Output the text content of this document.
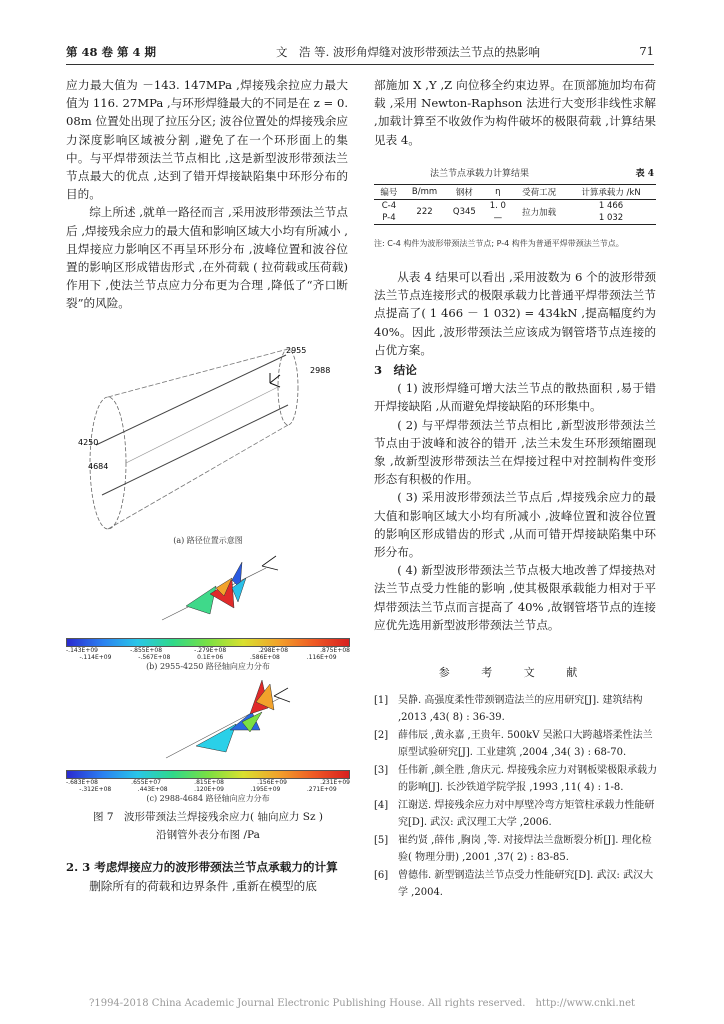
第 48 卷 第 4 期	文　浩 等. 波形角焊缝对波形带颈法兰节点的热影响	71

应力最大值为 －143. 147MPa ,焊接残余拉应力最大值为 116. 27MPa ,与环形焊缝最大的不同是在 z = 0. 08m 位置处出现了拉压分区; 波谷位置处的焊接残余应力深度影响区域被分割 ,避免了在一个环形面上的集中。与平焊带颈法兰节点相比 ,这是新型波形带颈法兰节点最大的优点 ,达到了错开焊接缺陷集中环形分布的目的。

综上所述 ,就单一路径而言 ,采用波形带颈法兰节点后 ,焊接残余应力的最大值和影响区域大小均有所减小 ,且焊接应力影响区不再呈环形分布 ,波峰位置和波谷位置的影响区形成错齿形式 ,在外荷载 ( 拉荷载或压荷载) 作用下 ,使法兰节点应力分布更为合理 ,降低了“齐口断裂”的风险。

2955
2988
4250
4684
(a) 路径位置示意图
-.143E+09	-.855E+08	-.279E+08	.298E+08	.875E+08
-.114E+09	-.567E+08	0.1E+06	.586E+08	.116E+09
(b) 2955-4250 路径轴向应力分布
-.683E+08	.655E+07	.815E+08	.156E+09	.231E+09
-.312E+08	.443E+08	.120E+09	.195E+09	.271E+09
(c) 2988-4684 路径轴向应力分布
图 7　波形带颈法兰焊接残余应力( 轴向应力 Sz )
沿钢管外表分布图 /Pa
2. 3 考虑焊接应力的波形带颈法兰节点承载力的计算

删除所有的荷载和边界条件 ,重新在模型的底

部施加 X ,Y ,Z 向位移全约束边界。在顶部施加均布荷载 ,采用 Newton-Raphson 法进行大变形非线性求解 ,加载计算至不收敛作为构件破坏的极限荷载 ,计算结果见表 4。

法兰节点承载力计算结果	表 4
编号	B/mm	钢材	η	受荷工况	计算承载力 /kN
C-4	222	Q345	1. 0	拉力加载	1 466
P-4			—		1 032
注: C-4 构件为波形带颈法兰节点; P-4 构件为普通平焊带颈法兰节点。

从表 4 结果可以看出 ,采用波数为 6 个的波形带颈法兰节点连接形式的极限承载力比普通平焊带颈法兰节点提高了( 1 466 － 1 032) = 434kN ,提高幅度约为 40%。因此 ,波形带颈法兰应该成为钢管塔节点连接的占优方案。

3　结论

( 1) 波形焊缝可增大法兰节点的散热面积 ,易于错开焊接缺陷 ,从而避免焊接缺陷的环形集中。

( 2) 与平焊带颈法兰节点相比 ,新型波形带颈法兰节点由于波峰和波谷的错开 ,法兰未发生环形颈缩圈现象 ,故新型波形带颈法兰在焊接过程中对控制构件变形形态有积极的作用。

( 3) 采用波形带颈法兰节点后 ,焊接残余应力的最大值和影响区域大小均有所减小 ,波峰位置和波谷位置的影响区形成错齿的形式 ,从而可错开焊接缺陷集中环形分布。

( 4) 新型波形带颈法兰节点极大地改善了焊接热对法兰节点受力性能的影响 ,使其极限承载能力相对于平焊带颈法兰节点而言提高了 40% ,故钢管塔节点的连接应优先选用新型波形带颈法兰节点。

参 考 文 献
[1] 吴静. 高强度柔性带颈钢造法兰的应用研究[J]. 建筑结构 ,2013 ,43( 8) : 36-39.
[2] 薛伟辰 ,黄永嘉 ,王贵年. 500kV 吴淞口大跨越塔柔性法兰原型试验研究[J]. 工业建筑 ,2004 ,34( 3) : 68-70.
[3] 任伟新 ,颜全胜 ,詹庆元. 焊接残余应力对钢板梁极限承载力的影响[J]. 长沙铁道学院学报 ,1993 ,11( 4) : 1-8.
[4] 江谢送. 焊接残余应力对中厚壁冷弯方矩管柱承载力性能研究[D]. 武汉: 武汉理工大学 ,2006.
[5] 崔约贤 ,薛伟 ,胸岗 ,等. 对接焊法兰盘断裂分析[J]. 理化检验( 物理分册) ,2001 ,37( 2) : 83-85.
[6] 曾德伟. 新型钢造法兰节点受力性能研究[D]. 武汉: 武汉大学 ,2004.
?1994-2018 China Academic Journal Electronic Publishing House. All rights reserved.　http://www.cnki.net
